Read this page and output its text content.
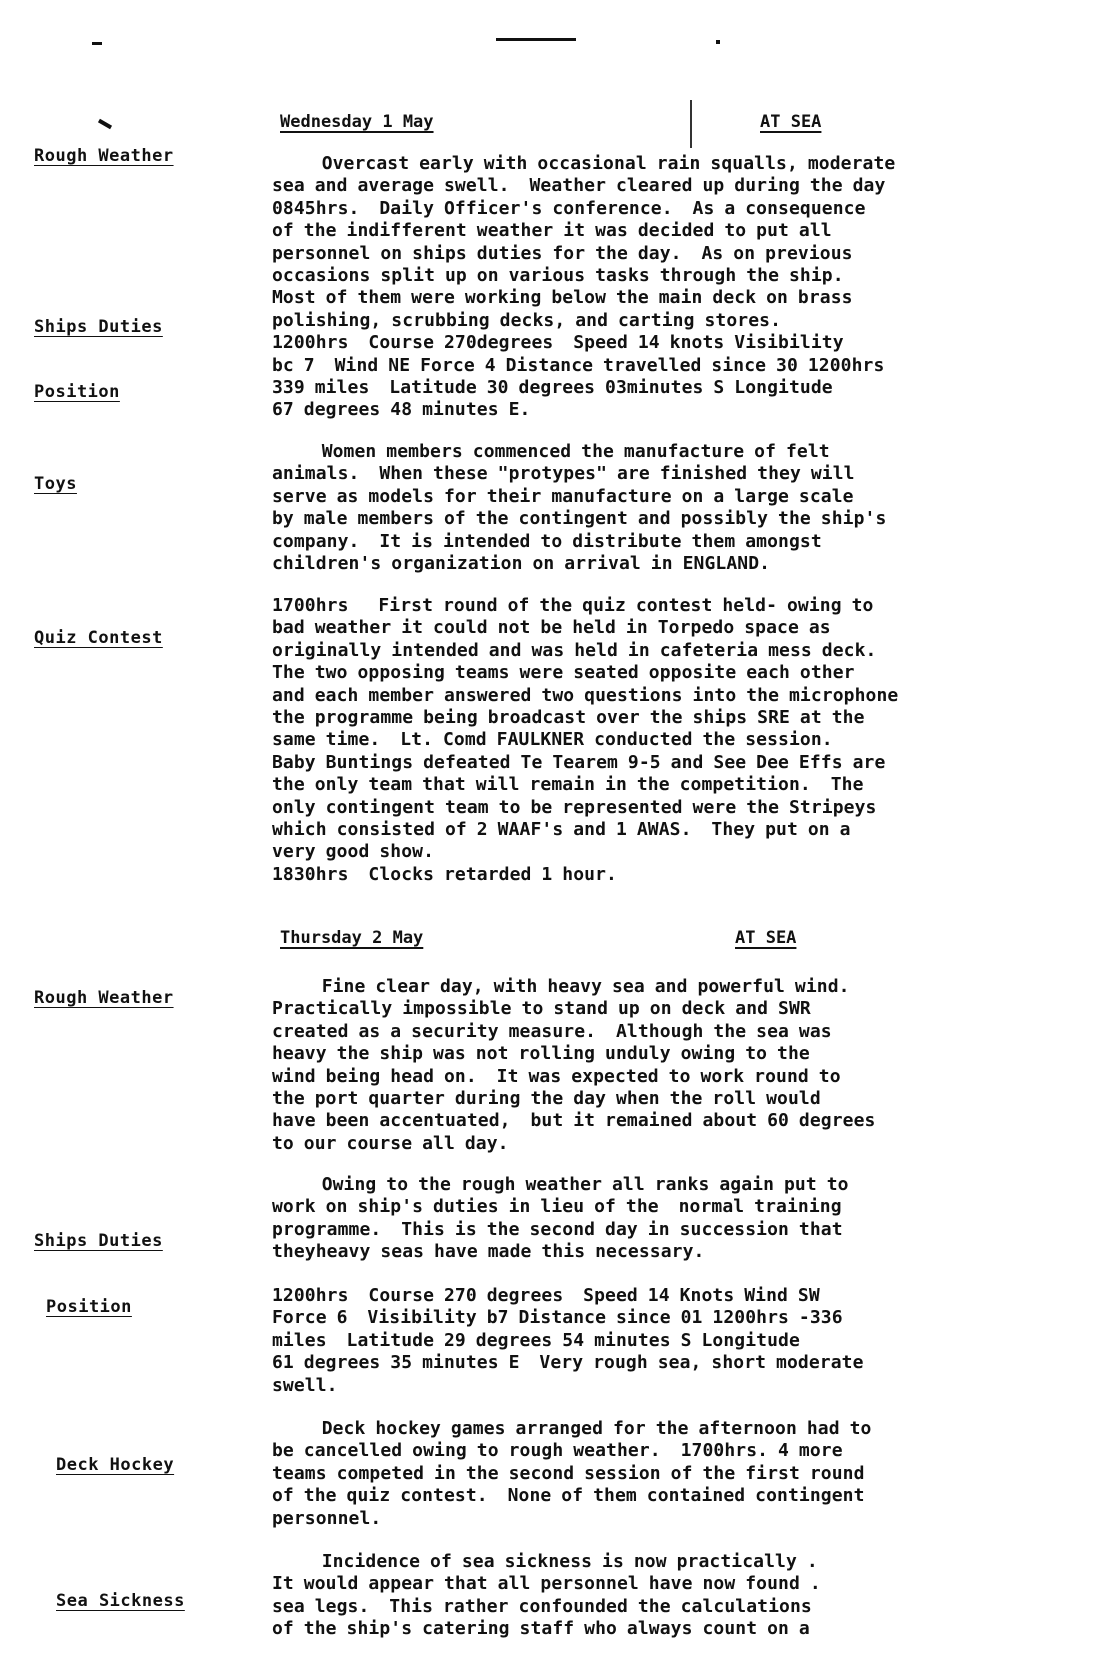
Wednesday 1 May	AT SEA
Rough Weather
Ships Duties
Position
Toys
Quiz Contest
Overcast early with occasional rain squalls, moderate
sea and average swell.  Weather cleared up during the day
0845hrs.  Daily Officer's conference.  As a consequence
of the indifferent weather it was decided to put all
personnel on ships duties for the day.  As on previous
occasions split up on various tasks through the ship.
Most of them were working below the main deck on brass
polishing, scrubbing decks, and carting stores.
1200hrs  Course 270degrees  Speed 14 knots Visibility
bc 7  Wind NE Force 4 Distance travelled since 30 1200hrs
339 miles  Latitude 30 degrees 03minutes S Longitude
67 degrees 48 minutes E.
Women members commenced the manufacture of felt
animals.  When these "protypes" are finished they will
serve as models for their manufacture on a large scale
by male members of the contingent and possibly the ship's
company.  It is intended to distribute them amongst
children's organization on arrival in ENGLAND.
1700hrs   First round of the quiz contest held- owing to
bad weather it could not be held in Torpedo space as
originally intended and was held in cafeteria mess deck.
The two opposing teams were seated opposite each other
and each member answered two questions into the microphone
the programme being broadcast over the ships SRE at the
same time.  Lt. Comd FAULKNER conducted the session.
Baby Buntings defeated Te Tearem 9-5 and See Dee Effs are
the only team that will remain in the competition.  The
only contingent team to be represented were the Stripeys
which consisted of 2 WAAF's and 1 AWAS.  They put on a
very good show.
1830hrs  Clocks retarded 1 hour.
Thursday 2 May	AT SEA
Rough Weather
Ships Duties
Position
Deck Hockey
Sea Sickness
Fine clear day, with heavy sea and powerful wind.
Practically impossible to stand up on deck and SWR
created as a security measure.  Although the sea was
heavy the ship was not rolling unduly owing to the
wind being head on.  It was expected to work round to
the port quarter during the day when the roll would
have been accentuated,  but it remained about 60 degrees
to our course all day.
Owing to the rough weather all ranks again put to
work on ship's duties in lieu of the  normal training
programme.  This is the second day in succession that
theyheavy seas have made this necessary.
1200hrs  Course 270 degrees  Speed 14 Knots Wind SW
Force 6  Visibility b7 Distance since 01 1200hrs -336
miles  Latitude 29 degrees 54 minutes S Longitude
61 degrees 35 minutes E  Very rough sea, short moderate
swell.
Deck hockey games arranged for the afternoon had to
be cancelled owing to rough weather.  1700hrs. 4 more
teams competed in the second session of the first round
of the quiz contest.  None of them contained contingent
personnel.
Incidence of sea sickness is now practically .
It would appear that all personnel have now found .
sea legs.  This rather confounded the calculations
of the ship's catering staff who always count on a
